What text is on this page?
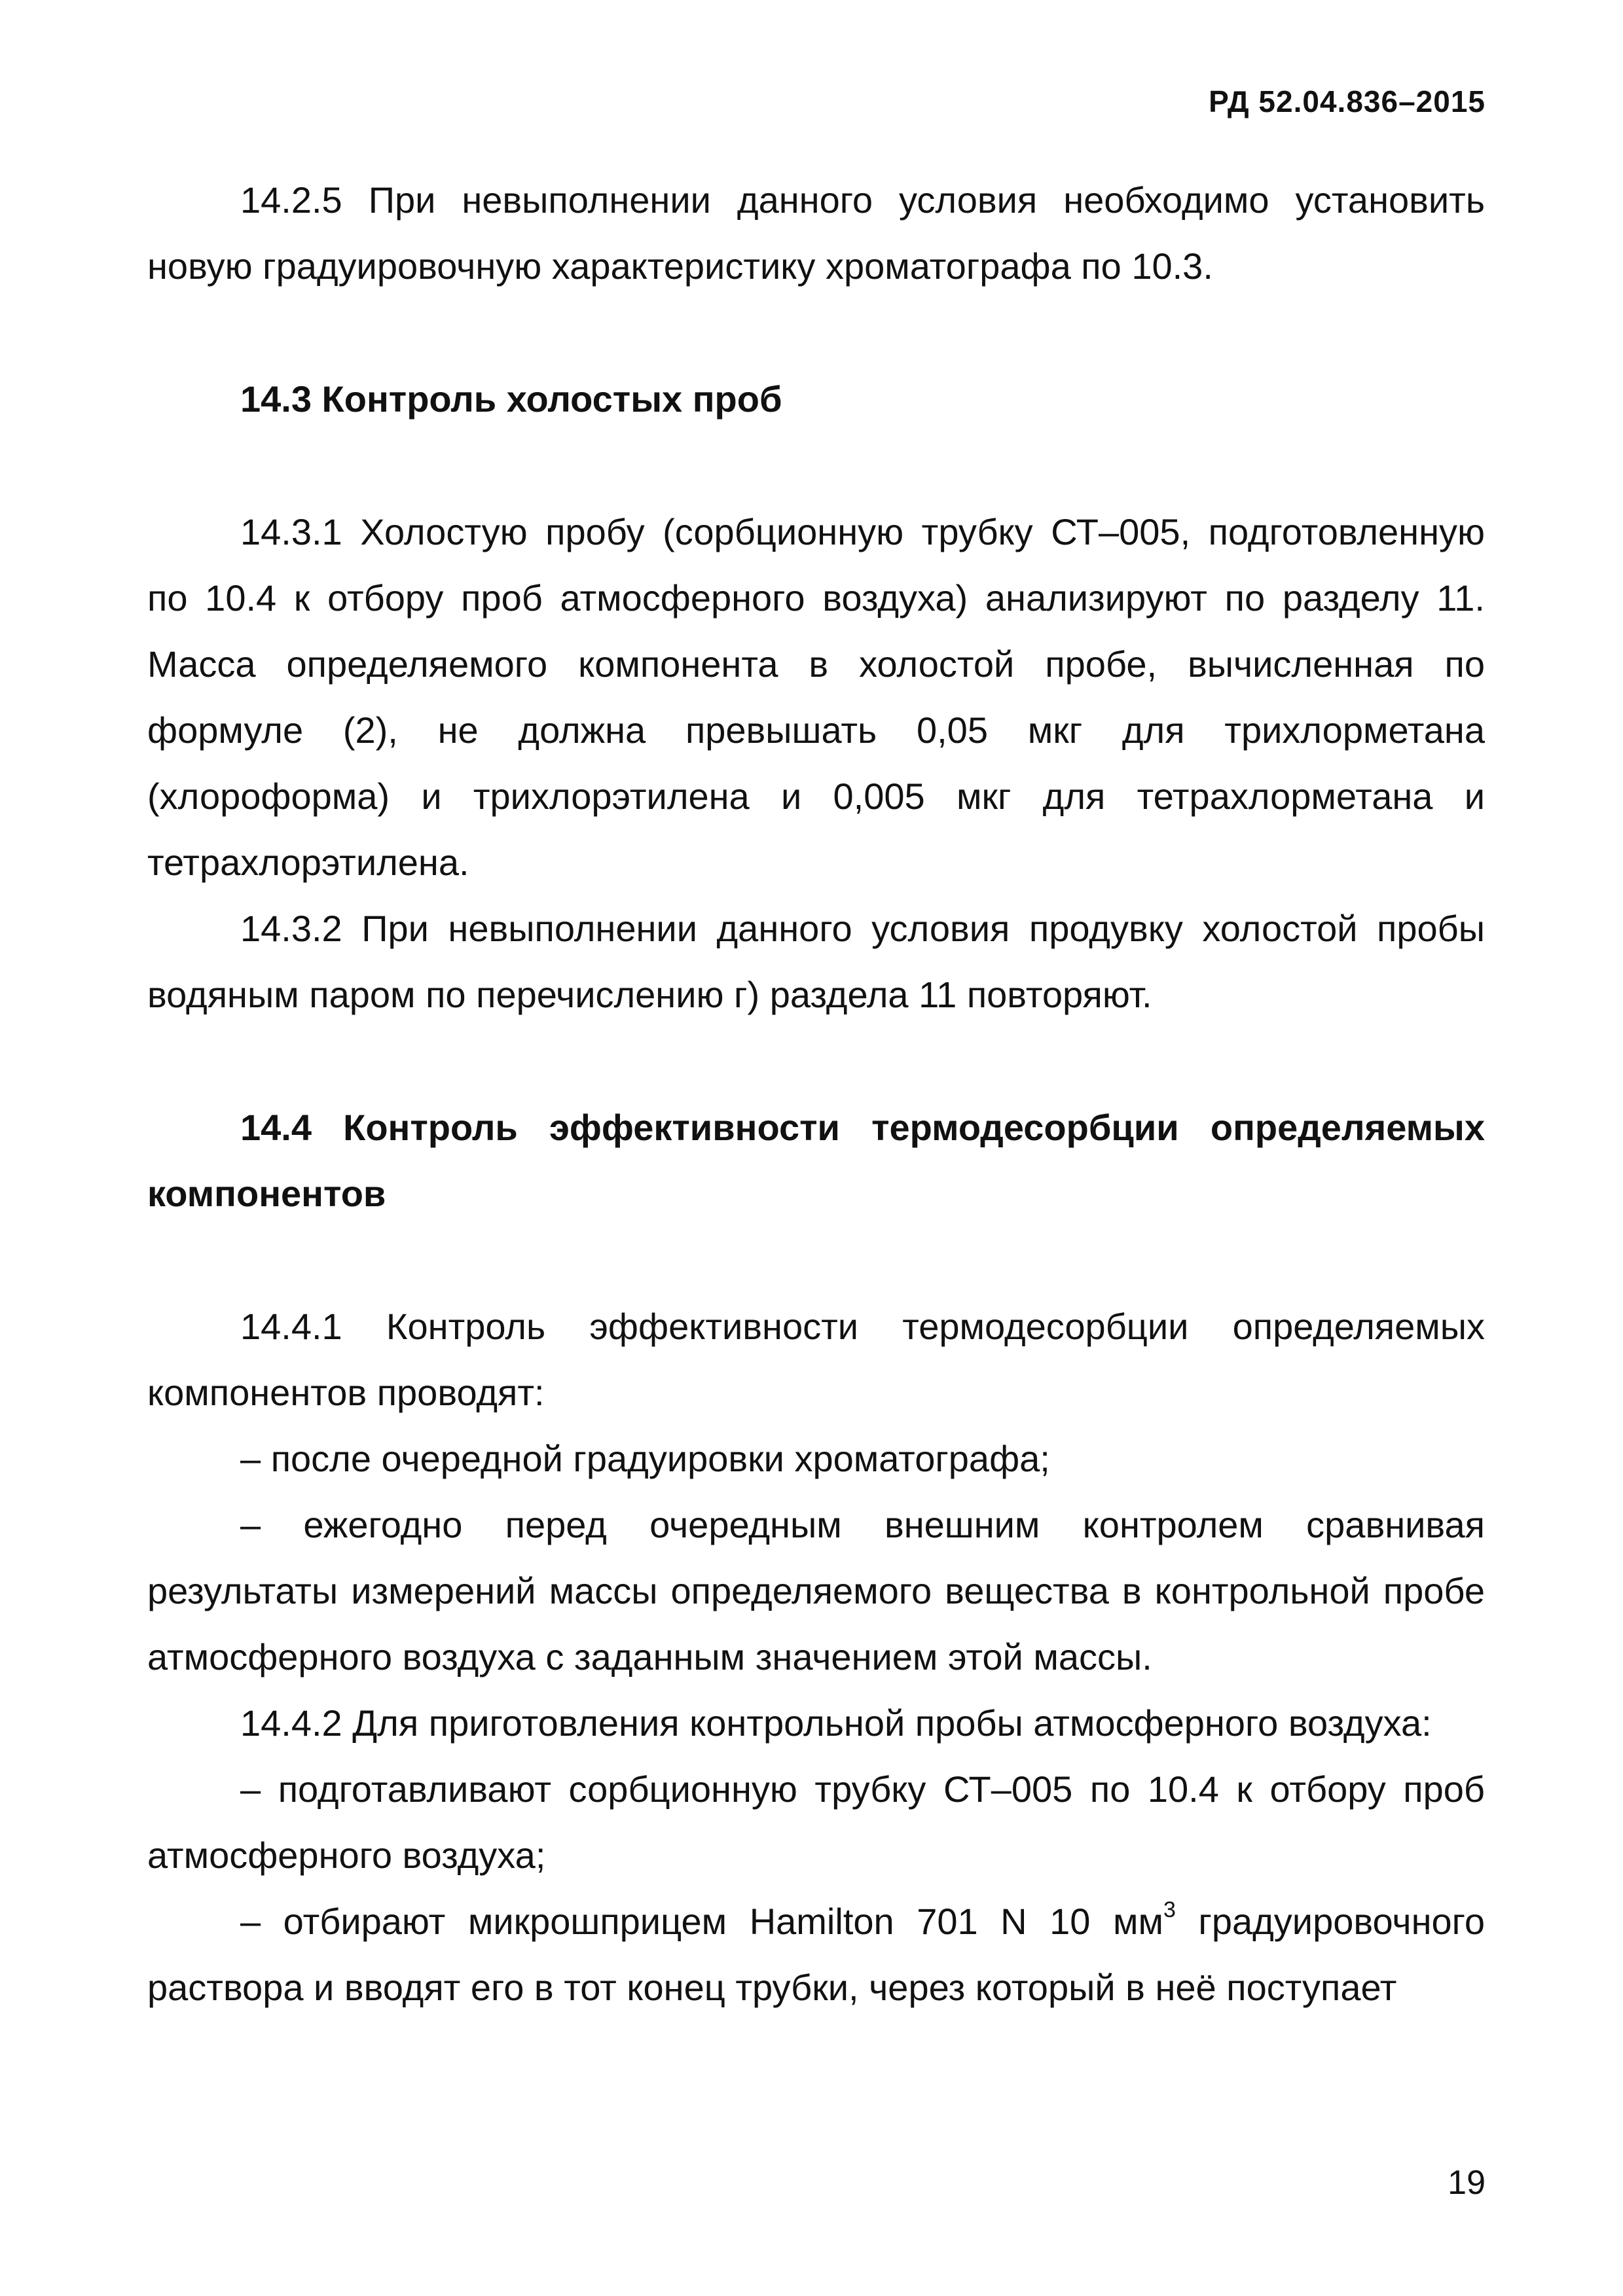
РД 52.04.836–2015

14.2.5 При невыполнении данного условия необходимо установить новую градуировочную характеристику хроматографа по 10.3.

14.3 Контроль холостых проб

14.3.1 Холостую пробу (сорбционную трубку СТ–005, подготовленную по 10.4 к отбору проб атмосферного воздуха) анализируют по разделу 11. Масса определяемого компонента в холостой пробе, вычисленная по формуле (2), не должна превышать 0,05 мкг для трихлорметана (хлороформа) и трихлорэтилена и 0,005 мкг для тетрахлорметана и тетрахлорэтилена.

14.3.2 При невыполнении данного условия продувку холостой пробы водяным паром по перечислению г) раздела 11 повторяют.

14.4 Контроль эффективности термодесорбции определяемых компонентов

14.4.1 Контроль эффективности термодесорбции определяемых компонентов проводят:

– после очередной градуировки хроматографа;

– ежегодно перед очередным внешним контролем сравнивая результаты измерений массы определяемого вещества в контрольной пробе атмосферного воздуха с заданным значением этой массы.

14.4.2 Для приготовления контрольной пробы атмосферного воздуха:

– подготавливают сорбционную трубку СТ–005 по 10.4 к отбору проб атмосферного воздуха;

– отбирают микрошприцем Hamilton 701 N 10 $мм^3$ градуировочного раствора и вводят его в тот конец трубки, через который в неё поступает

19
